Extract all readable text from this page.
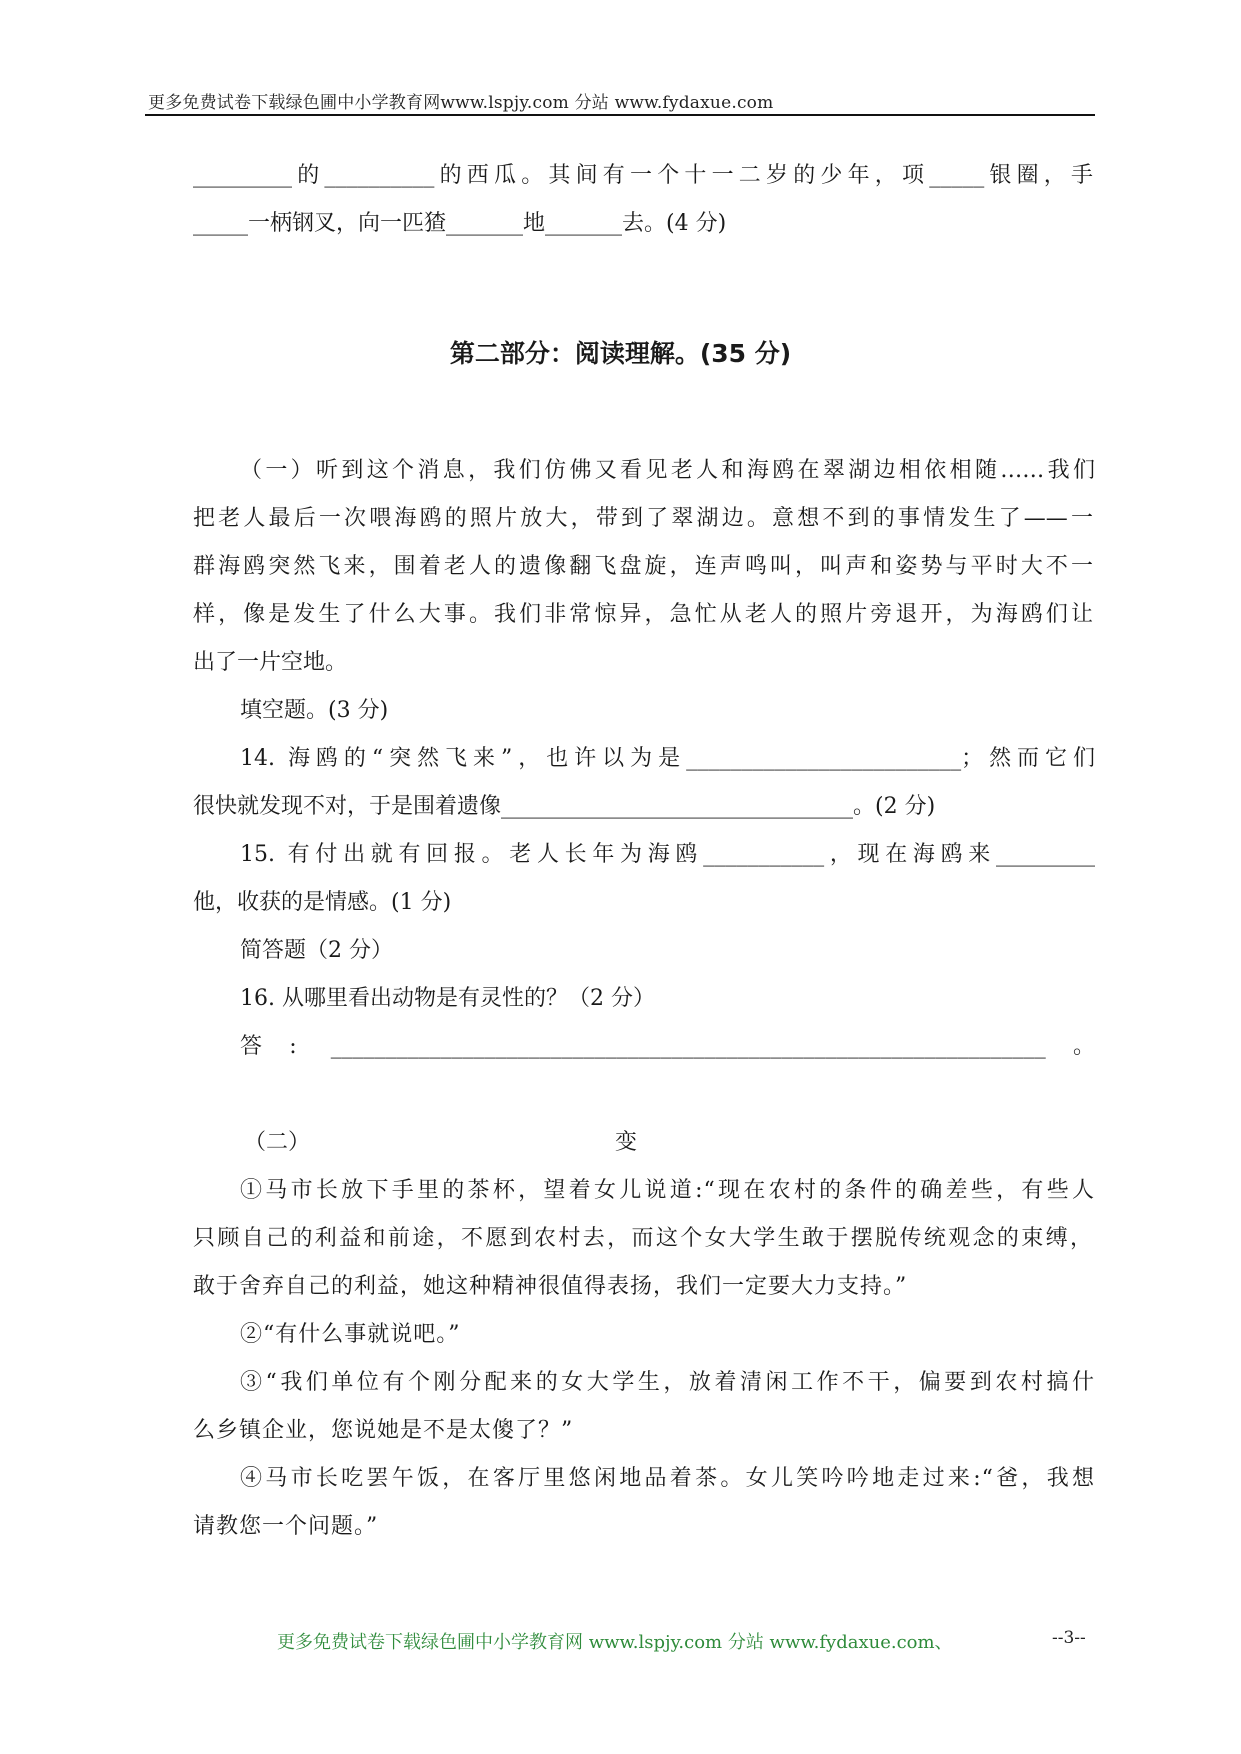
更多免费试卷下载绿色圃中小学教育网www.lspjy.com 分站 www.fydaxue.com
_________的__________的西瓜。其间有一个十一二岁的少年，项_____银圈，手
_____一柄钢叉，向一匹猹_______地_______去。(4 分)
第二部分：阅读理解。(35 分)
（一）听到这个消息，我们仿佛又看见老人和海鸥在翠湖边相依相随……我们
把老人最后一次喂海鸥的照片放大，带到了翠湖边。意想不到的事情发生了——一
群海鸥突然飞来，围着老人的遗像翻飞盘旋，连声鸣叫，叫声和姿势与平时大不一
样，像是发生了什么大事。我们非常惊异，急忙从老人的照片旁退开，为海鸥们让
出了一片空地。
填空题。(3 分)
14. 海鸥的“突然飞来”，也许以为是_________________________；然而它们
很快就发现不对，于是围着遗像________________________________。(2 分)
15. 有付出就有回报。老人长年为海鸥___________，现在海鸥来_________
他，收获的是情感。(1 分)
简答题（2 分）
16. 从哪里看出动物是有灵性的？（2 分）
答: _________________________________________________________________。
（二）	变
①马市长放下手里的茶杯，望着女儿说道:“现在农村的条件的确差些，有些人
只顾自己的利益和前途，不愿到农村去，而这个女大学生敢于摆脱传统观念的束缚，
敢于舍弃自己的利益，她这种精神很值得表扬，我们一定要大力支持。”
②“有什么事就说吧。”
③“我们单位有个刚分配来的女大学生，放着清闲工作不干，偏要到农村搞什
么乡镇企业，您说她是不是太傻了？”
④马市长吃罢午饭，在客厅里悠闲地品着茶。女儿笑吟吟地走过来:“爸，我想
请教您一个问题。”
更多免费试卷下载绿色圃中小学教育网 www.lspjy.com 分站 www.fydaxue.com、	--3--
